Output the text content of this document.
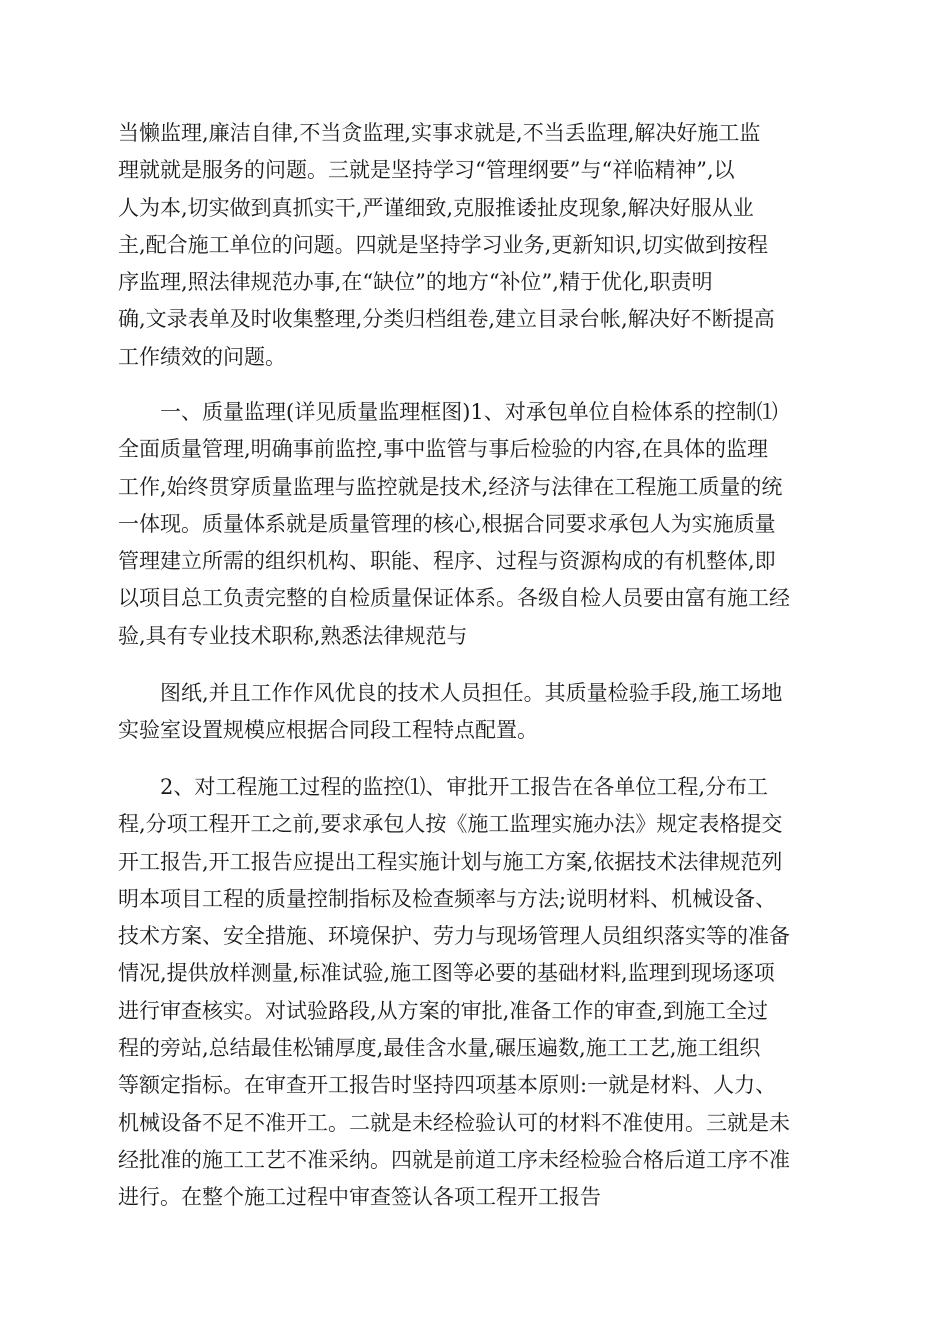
当懒监理,廉洁自律,不当贪监理,实事求就是,不当丢监理,解决好施工监
理就就是服务的问题。三就是坚持学习“管理纲要”与“祥临精神”,以
人为本,切实做到真抓实干,严谨细致,克服推诿扯皮现象,解决好服从业
主,配合施工单位的问题。四就是坚持学习业务,更新知识,切实做到按程
序监理,照法律规范办事,在“缺位”的地方“补位”,精于优化,职责明
确,文录表单及时收集整理,分类归档组卷,建立目录台帐,解决好不断提高
工作绩效的问题。
一、质量监理(详见质量监理框图)1、对承包单位自检体系的控制⑴
全面质量管理,明确事前监控,事中监管与事后检验的内容,在具体的监理
工作,始终贯穿质量监理与监控就是技术,经济与法律在工程施工质量的统
一体现。质量体系就是质量管理的核心,根据合同要求承包人为实施质量
管理建立所需的组织机构、职能、程序、过程与资源构成的有机整体,即
以项目总工负责完整的自检质量保证体系。各级自检人员要由富有施工经
验,具有专业技术职称,熟悉法律规范与
图纸,并且工作作风优良的技术人员担任。其质量检验手段,施工场地
实验室设置规模应根据合同段工程特点配置。
2、对工程施工过程的监控⑴、审批开工报告在各单位工程,分布工
程,分项工程开工之前,要求承包人按《施工监理实施办法》规定表格提交
开工报告,开工报告应提出工程实施计划与施工方案,依据技术法律规范列
明本项目工程的质量控制指标及检查频率与方法;说明材料、机械设备、
技术方案、安全措施、环境保护、劳力与现场管理人员组织落实等的准备
情况,提供放样测量,标准试验,施工图等必要的基础材料,监理到现场逐项
进行审查核实。对试验路段,从方案的审批,准备工作的审查,到施工全过
程的旁站,总结最佳松铺厚度,最佳含水量,碾压遍数,施工工艺,施工组织
等额定指标。在审查开工报告时坚持四项基本原则:一就是材料、人力、
机械设备不足不准开工。二就是未经检验认可的材料不准使用。三就是未
经批准的施工工艺不准采纳。四就是前道工序未经检验合格后道工序不准
进行。在整个施工过程中审查签认各项工程开工报告
